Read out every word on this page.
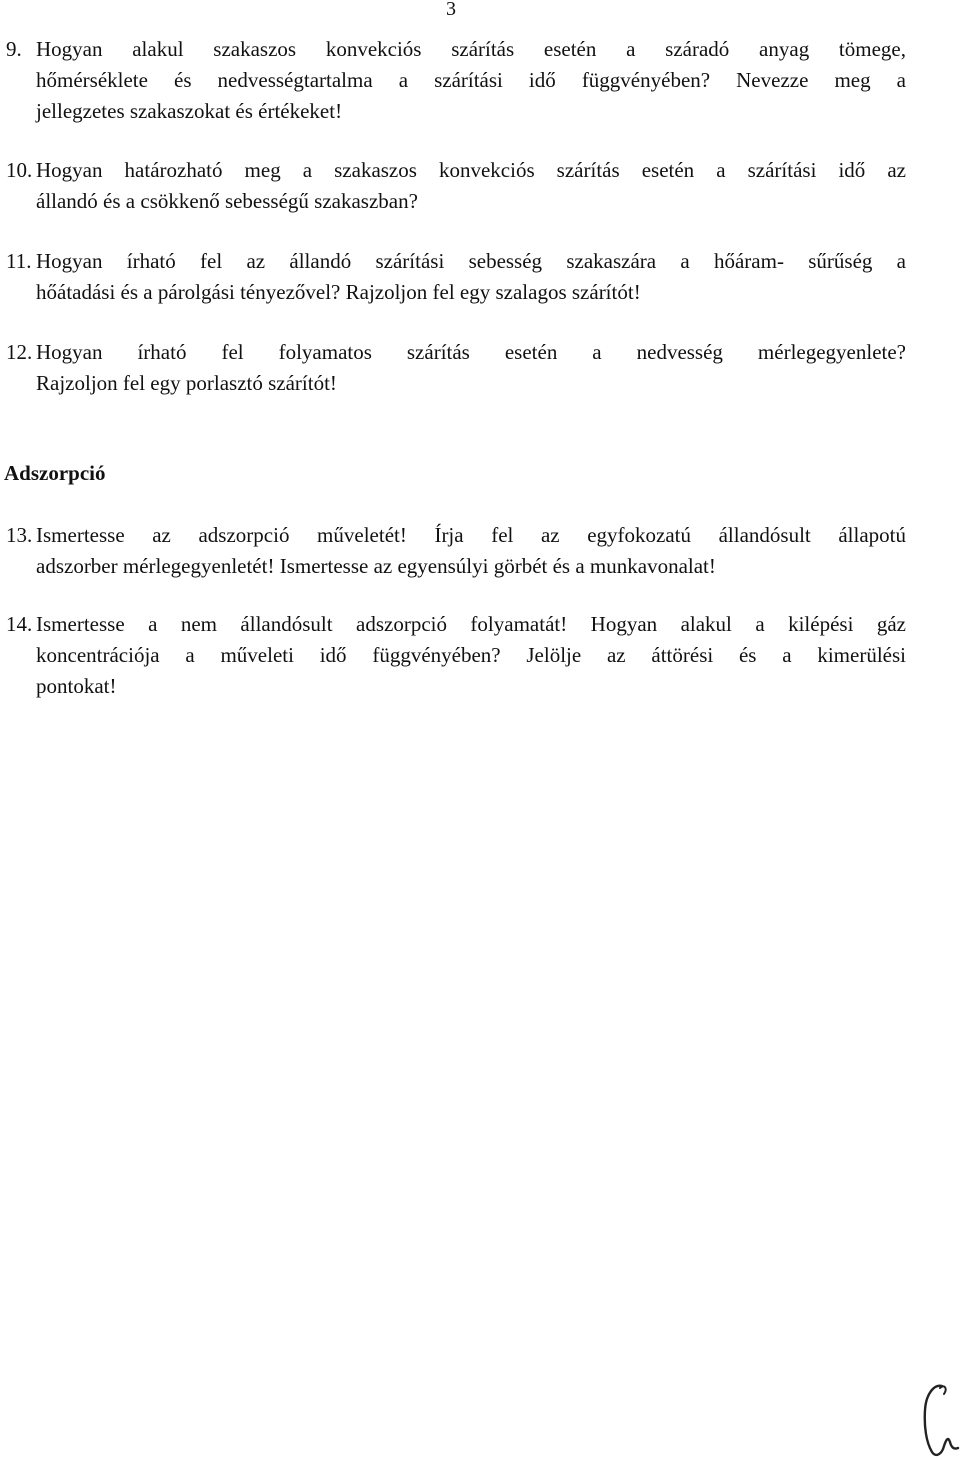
3
9. Hogyan alakul szakaszos konvekciós szárítás esetén a száradó anyag tömege,
hőmérséklete és nedvességtartalma a szárítási idő függvényében? Nevezze meg a
jellegzetes szakaszokat és értékeket!
10. Hogyan határozható meg a szakaszos konvekciós szárítás esetén a szárítási idő az
állandó és a csökkenő sebességű szakaszban?
11. Hogyan írható fel az állandó szárítási sebesség szakaszára a hőáram- sűrűség a
hőátadási és a párolgási tényezővel? Rajzoljon fel egy szalagos szárítót!
12. Hogyan írható fel folyamatos szárítás esetén a nedvesség mérlegegyenlete?
Rajzoljon fel egy porlasztó szárítót!
Adszorpció
13. Ismertesse az adszorpció műveletét! Írja fel az egyfokozatú állandósult állapotú
adszorber mérlegegyenletét! Ismertesse az egyensúlyi görbét és a munkavonalat!
14. Ismertesse a nem állandósult adszorpció folyamatát! Hogyan alakul a kilépési gáz
koncentrációja a műveleti idő függvényében? Jelölje az áttörési és a kimerülési
pontokat!
